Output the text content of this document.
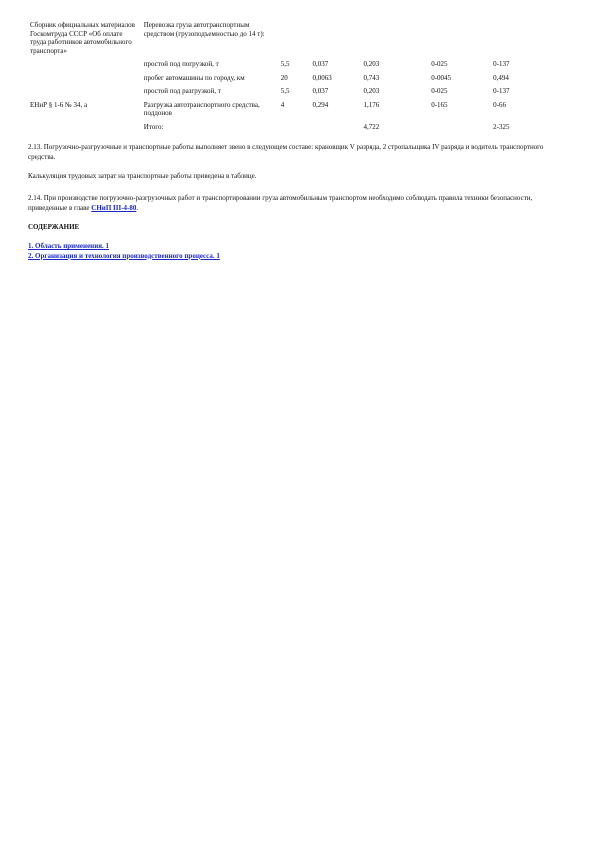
Сборник официальных материалов Госкомтруда СССР «Об оплате труда работников автомобильного транспорта»	Перевозка груза автотранспортным средством (грузоподъемностью до 14 т):					
	простой под погрузкой, т	5,5	0,037	0,203	0-025	0-137
	пробег автомашины по городу, км	20	0,0063	0,743	0-0045	0,494
	простой под разгрузкой, т	5,5	0,037	0,203	0-025	0-137
ЕНиР § 1-6 № 34, а	Разгрузка автотранспортного средства, поддонов	4	0,294	1,176	0-165	0-66
	Итого:			4,722		2-325
2.13. Погрузочно-разгрузочные и транспортные работы выполняет звено в следующем составе: крановщик V разряда, 2 стропальщика IV разряда и водитель транспортного средства.
Калькуляция трудовых затрат на транспортные работы приведена в таблице.
2.14. При производстве погрузочно-разгрузочных работ и транспортировании груза автомобильным транспортом необходимо соблюдать правила техники безопасности, приведенные в главе СНиП III-4-80.
СОДЕРЖАНИЕ
1. Область применения. 1
2. Организация и технология производственного процесса. 1
